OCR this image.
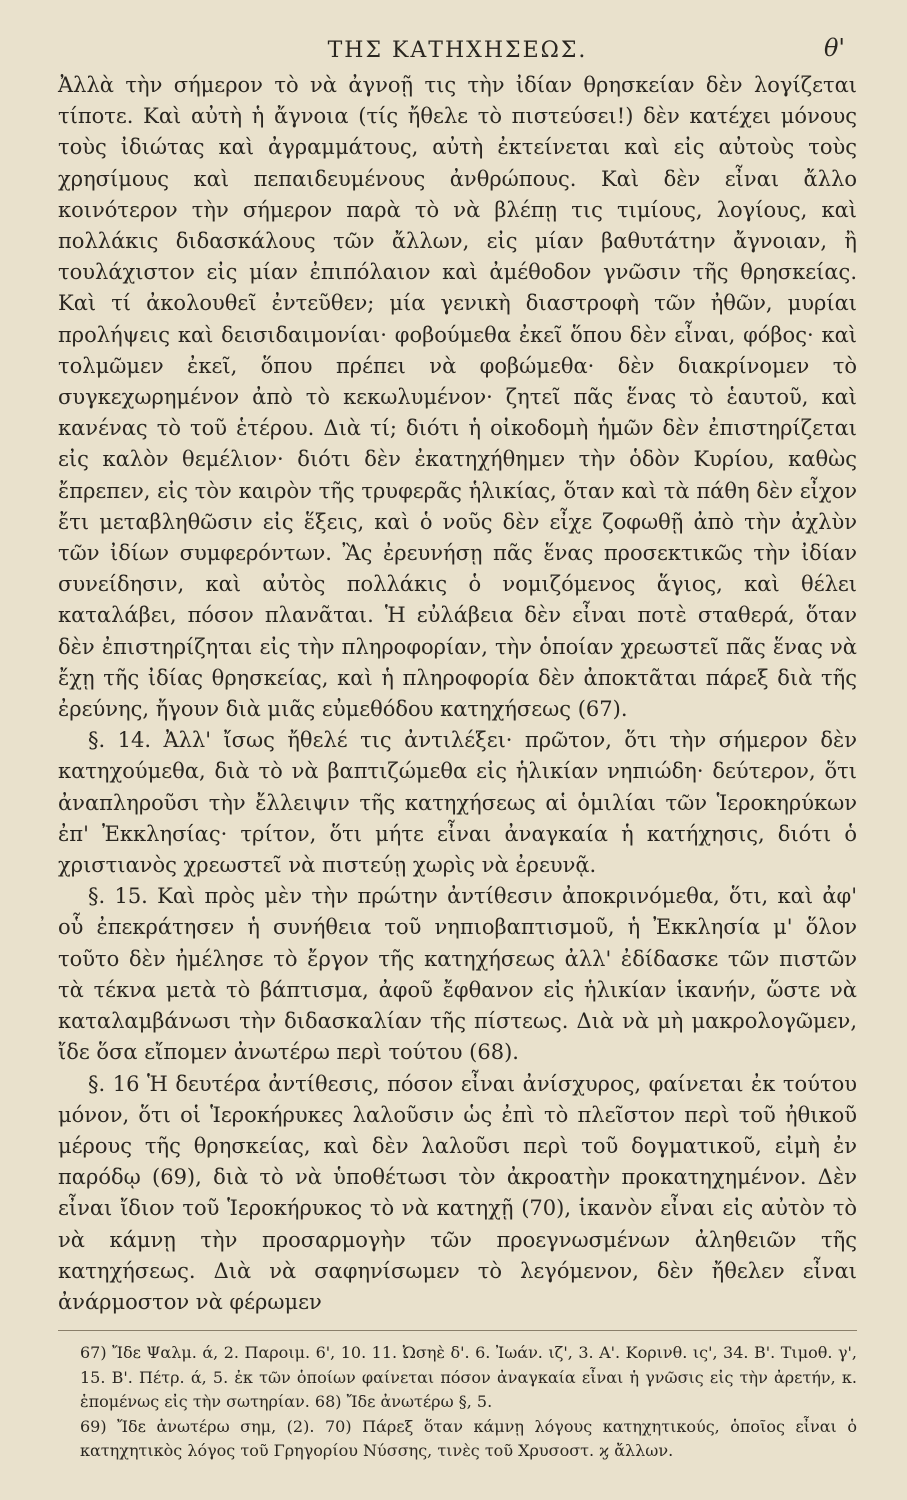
ΤΗΣ ΚΑΤΗΧΗΣΕΩΣ.	θ'

Ἀλλὰ τὴν σήμερον τὸ νὰ ἀγνοῇ τις τὴν ἰδίαν θρησκείαν δὲν λογίζεται τίποτε. Καὶ αὐτὴ ἡ ἄγνοια (τίς ἤθελε τὸ πιστεύσει!) δὲν κατέχει μόνους τοὺς ἰδιώτας καὶ ἀγραμμάτους, αὐτὴ ἐκτείνεται καὶ εἰς αὐτοὺς τοὺς χρησίμους καὶ πεπαιδευμένους ἀνθρώπους. Καὶ δὲν εἶναι ἄλλο κοινότερον τὴν σήμερον παρὰ τὸ νὰ βλέπῃ τις τιμίους, λογίους, καὶ πολλάκις διδασκάλους τῶν ἄλλων, εἰς μίαν βαθυτάτην ἄγνοιαν, ἢ τουλάχιστον εἰς μίαν ἐπιπόλαιον καὶ ἀμέθοδον γνῶσιν τῆς θρησκείας. Καὶ τί ἀκολουθεῖ ἐντεῦθεν; μία γενικὴ διαστροφὴ τῶν ἠθῶν, μυρίαι προλήψεις καὶ δεισιδαιμονίαι· φοβούμεθα ἐκεῖ ὅπου δὲν εἶναι, φόβος· καὶ τολμῶμεν ἐκεῖ, ὅπου πρέπει νὰ φοβώμεθα· δὲν διακρίνομεν τὸ συγκεχωρημένον ἀπὸ τὸ κεκωλυμένον· ζητεῖ πᾶς ἕνας τὸ ἑαυτοῦ, καὶ κανένας τὸ τοῦ ἑτέρου. Διὰ τί; διότι ἡ οἰκοδομὴ ἡμῶν δὲν ἐπιστηρίζεται εἰς καλὸν θεμέλιον· διότι δὲν ἐκατηχήθημεν τὴν ὁδὸν Κυρίου, καθὼς ἔπρεπεν, εἰς τὸν καιρὸν τῆς τρυφερᾶς ἡλικίας, ὅταν καὶ τὰ πάθη δὲν εἶχον ἔτι μεταβληθῶσιν εἰς ἕξεις, καὶ ὁ νοῦς δὲν εἶχε ζοφωθῇ ἀπὸ τὴν ἀχλὺν τῶν ἰδίων συμφερόντων. Ἂς ἐρευνήσῃ πᾶς ἕνας προσεκτικῶς τὴν ἰδίαν συνείδησιν, καὶ αὐτὸς πολλάκις ὁ νομιζόμενος ἅγιος, καὶ θέλει καταλάβει, πόσον πλανᾶται. Ἡ εὐλάβεια δὲν εἶναι ποτὲ σταθερά, ὅταν δὲν ἐπιστηρίζηται εἰς τὴν πληροφορίαν, τὴν ὁποίαν χρεωστεῖ πᾶς ἕνας νὰ ἔχῃ τῆς ἰδίας θρησκείας, καὶ ἡ πληροφορία δὲν ἀποκτᾶται πάρεξ διὰ τῆς ἐρεύνης, ἤγουν διὰ μιᾶς εὐμεθόδου κατηχήσεως (67).

§. 14. Ἀλλ' ἴσως ἤθελέ τις ἀντιλέξει· πρῶτον, ὅτι τὴν σήμερον δὲν κατηχούμεθα, διὰ τὸ νὰ βαπτιζώμεθα εἰς ἡλικίαν νηπιώδη· δεύτερον, ὅτι ἀναπληροῦσι τὴν ἔλλειψιν τῆς κατηχήσεως αἱ ὁμιλίαι τῶν Ἱεροκηρύκων ἐπ' Ἐκκλησίας· τρίτον, ὅτι μήτε εἶναι ἀναγκαία ἡ κατήχησις, διότι ὁ χριστιανὸς χρεωστεῖ νὰ πιστεύῃ χωρὶς νὰ ἐρευνᾷ.

§. 15. Καὶ πρὸς μὲν τὴν πρώτην ἀντίθεσιν ἀποκρινόμεθα, ὅτι, καὶ ἀφ' οὗ ἐπεκράτησεν ἡ συνήθεια τοῦ νηπιοβαπτισμοῦ, ἡ Ἐκκλησία μ' ὅλον τοῦτο δὲν ἠμέλησε τὸ ἔργον τῆς κατηχήσεως ἀλλ' ἐδίδασκε τῶν πιστῶν τὰ τέκνα μετὰ τὸ βάπτισμα, ἀφοῦ ἔφθανον εἰς ἡλικίαν ἱκανήν, ὥστε νὰ καταλαμβάνωσι τὴν διδασκαλίαν τῆς πίστεως. Διὰ νὰ μὴ μακρολογῶμεν, ἴδε ὅσα εἴπομεν ἀνωτέρω περὶ τούτου (68).

§. 16 Ἡ δευτέρα ἀντίθεσις, πόσον εἶναι ἀνίσχυρος, φαίνεται ἐκ τούτου μόνον, ὅτι οἱ Ἱεροκήρυκες λαλοῦσιν ὡς ἐπὶ τὸ πλεῖστον περὶ τοῦ ἠθικοῦ μέρους τῆς θρησκείας, καὶ δὲν λαλοῦσι περὶ τοῦ δογματικοῦ, εἰμὴ ἐν παρόδῳ (69), διὰ τὸ νὰ ὑποθέτωσι τὸν ἀκροατὴν προκατηχημένον. Δὲν εἶναι ἴδιον τοῦ Ἱεροκήρυκος τὸ νὰ κατηχῇ (70), ἱκανὸν εἶναι εἰς αὐτὸν τὸ νὰ κάμνῃ τὴν προσαρμογὴν τῶν προεγνωσμένων ἀληθειῶν τῆς κατηχήσεως. Διὰ νὰ σαφηνίσωμεν τὸ λεγόμενον, δὲν ἤθελεν εἶναι ἀνάρμοστον νὰ φέρωμεν

67) Ἴδε Ψαλμ. ά, 2. Παροιμ. 6', 10. 11. Ὠσηὲ δ'. 6. Ἰωάν. ιζ', 3. Α'. Κορινθ. ις', 34. Β'. Τιμοθ. γ', 15. Β'. Πέτρ. ά, 5. ἐκ τῶν ὁποίων φαίνεται πόσον ἀναγκαία εἶναι ἡ γνῶσις εἰς τὴν ἀρετήν, κ. ἑπομένως εἰς τὴν σωτηρίαν. 68) Ἴδε ἀνωτέρω §, 5.

69) Ἴδε ἀνωτέρω σημ, (2). 70) Πάρεξ ὅταν κάμνῃ λόγους κατηχητικούς, ὁποῖος εἶναι ὁ κατηχητικὸς λόγος τοῦ Γρηγορίου Νύσσης, τινὲς τοῦ Χρυσοστ. ϗ ἄλλων.
